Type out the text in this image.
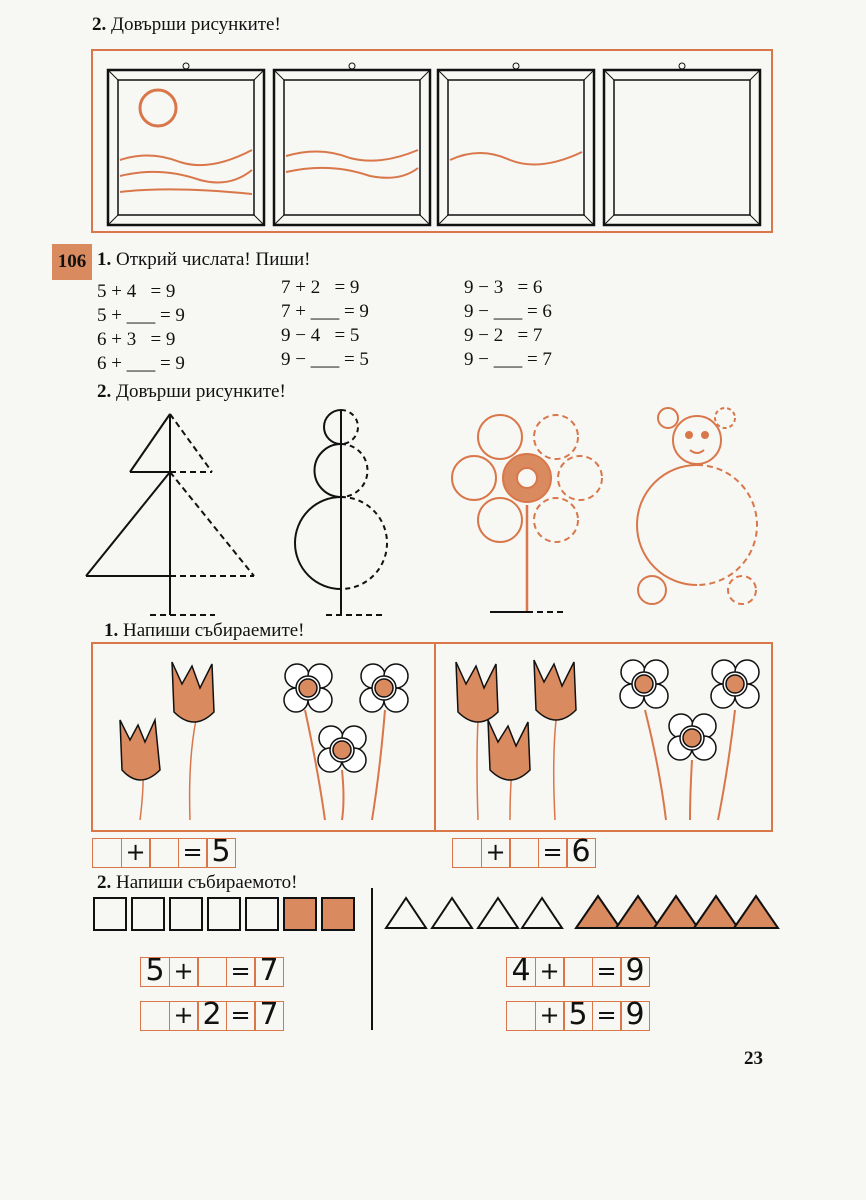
2. Довърши рисунките!
106 1. Открий числата! Пиши!
5 + 4   = 9
5 + ___ = 9
6 + 3   = 9
6 + ___ = 9
7 + 2   = 9
7 + ___ = 9
9 − 4   = 5
9 − ___ = 5
9 − 3   = 6
9 − ___ = 6
9 − 2   = 7
9 − ___ = 7
2. Довърши рисунките!
1. Напиши събираемите!
+ = 5	+ = 6
2. Напиши събираемото!
5 + = 7
+ 2 = 7
4 + = 9
+ 5 = 9
23
